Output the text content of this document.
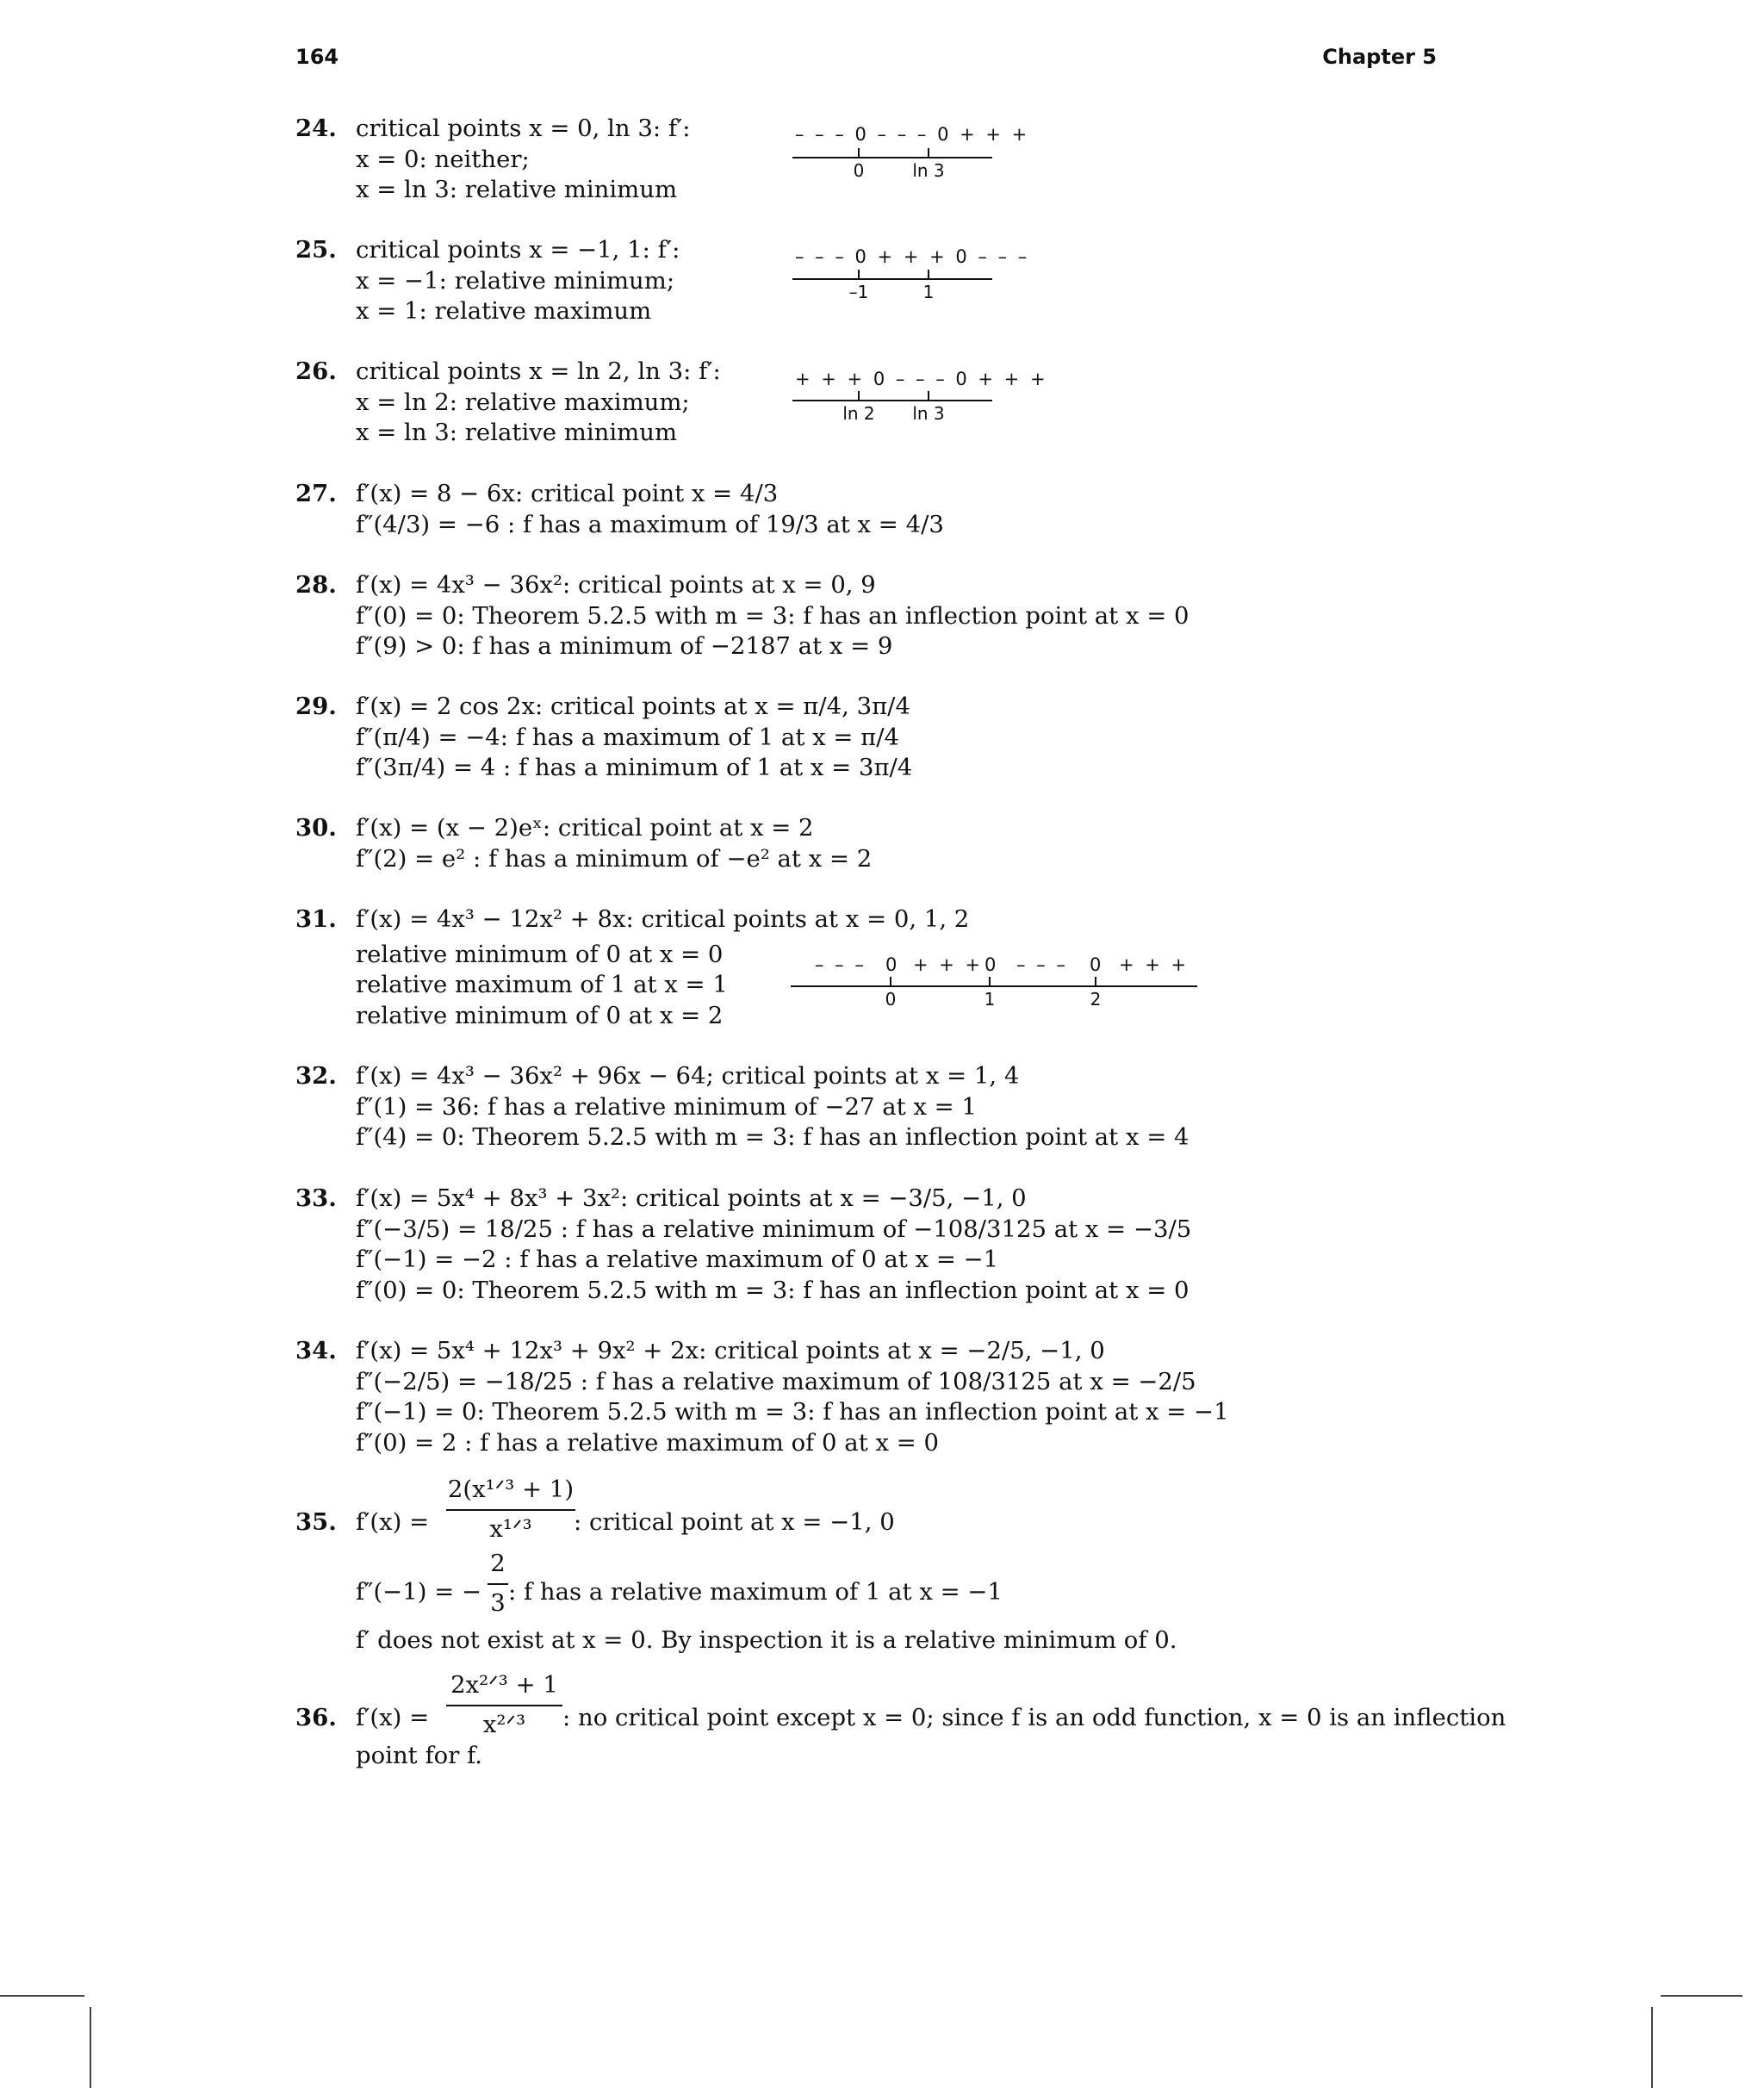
164	Chapter 5
24. critical points x = 0, ln 3: f′:
x = 0: neither;
x = ln 3: relative minimum
– – – 0 – – – 0 + + +
0	ln 3
25. critical points x = −1, 1: f′:
x = −1: relative minimum;
x = 1: relative maximum
– – – 0 + + + 0 – – –
–1	1
26. critical points x = ln 2, ln 3: f′:
x = ln 2: relative maximum;
x = ln 3: relative minimum
+ + + 0 – – – 0 + + +
ln 2 ln 3
27. f′(x) = 8 − 6x: critical point x = 4/3
f″(4/3) = −6 : f has a maximum of 19/3 at x = 4/3
28. f′(x) = 4x³ − 36x²: critical points at x = 0, 9
f″(0) = 0: Theorem 5.2.5 with m = 3: f has an inflection point at x = 0
f″(9) > 0: f has a minimum of −2187 at x = 9
29. f′(x) = 2 cos 2x: critical points at x = π/4, 3π/4
f″(π/4) = −4: f has a maximum of 1 at x = π/4
f″(3π/4) = 4 : f has a minimum of 1 at x = 3π/4
30. f′(x) = (x − 2)eˣ: critical point at x = 2
f″(2) = e² : f has a minimum of −e² at x = 2
31. f′(x) = 4x³ − 12x² + 8x: critical points at x = 0, 1, 2
relative minimum of 0 at x = 0
relative maximum of 1 at x = 1
relative minimum of 0 at x = 2
– – – 0 + + + 0 – – – 0 + + +
0	1	2
32. f′(x) = 4x³ − 36x² + 96x − 64; critical points at x = 1, 4
f″(1) = 36: f has a relative minimum of −27 at x = 1
f″(4) = 0: Theorem 5.2.5 with m = 3: f has an inflection point at x = 4
33. f′(x) = 5x⁴ + 8x³ + 3x²: critical points at x = −3/5, −1, 0
f″(−3/5) = 18/25 : f has a relative minimum of −108/3125 at x = −3/5
f″(−1) = −2 : f has a relative maximum of 0 at x = −1
f″(0) = 0: Theorem 5.2.5 with m = 3: f has an inflection point at x = 0
34. f′(x) = 5x⁴ + 12x³ + 9x² + 2x: critical points at x = −2/5, −1, 0
f″(−2/5) = −18/25 : f has a relative maximum of 108/3125 at x = −2/5
f″(−1) = 0: Theorem 5.2.5 with m = 3: f has an inflection point at x = −1
f″(0) = 2 : f has a relative maximum of 0 at x = 0
35. f′(x) =
2(x¹ᐟ³ + 1)
x¹ᐟ³	: critical point at x = −1, 0
f″(−1) = −
2
3 : f has a relative maximum of 1 at x = −1
f′ does not exist at x = 0. By inspection it is a relative minimum of 0.
36. f′(x) =
2x²ᐟ³ + 1
x²ᐟ³	: no critical point except x = 0; since f is an odd function, x = 0 is an inflection
point for f.
